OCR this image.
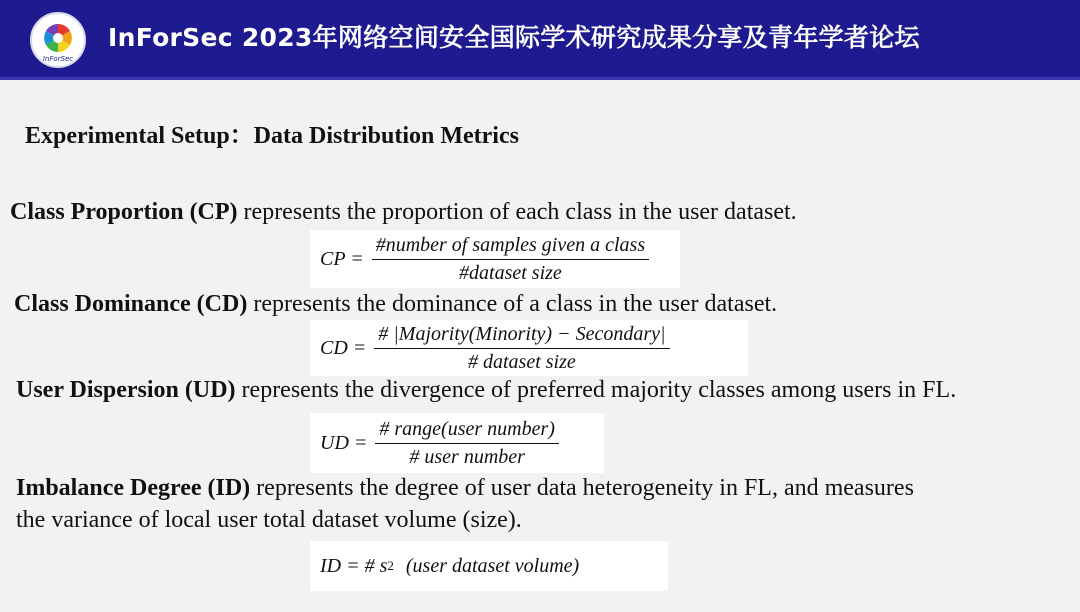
InForSec
InForSec 2023年网络空间安全国际学术研究成果分享及青年学者论坛
Experimental Setup：Data Distribution Metrics
Class Proportion (CP) represents the proportion of each class in the user dataset.
CP = $\frac{\text{\#number of samples given a class}}{\text{\#dataset size}}$
Class Dominance (CD) represents the dominance of a class in the user dataset.
CD = $\frac{\text{\# |Majority(Minority) − Secondary|}}{\text{\# dataset size}}$
User Dispersion (UD) represents the divergence of preferred majority classes among users in FL.
UD = $\frac{\text{\# range(user number)}}{\text{\# user number}}$
Imbalance Degree (ID) represents the degree of user data heterogeneity in FL, and measures
the variance of local user total dataset volume (size).
ID = # s 2 (user dataset volume)
